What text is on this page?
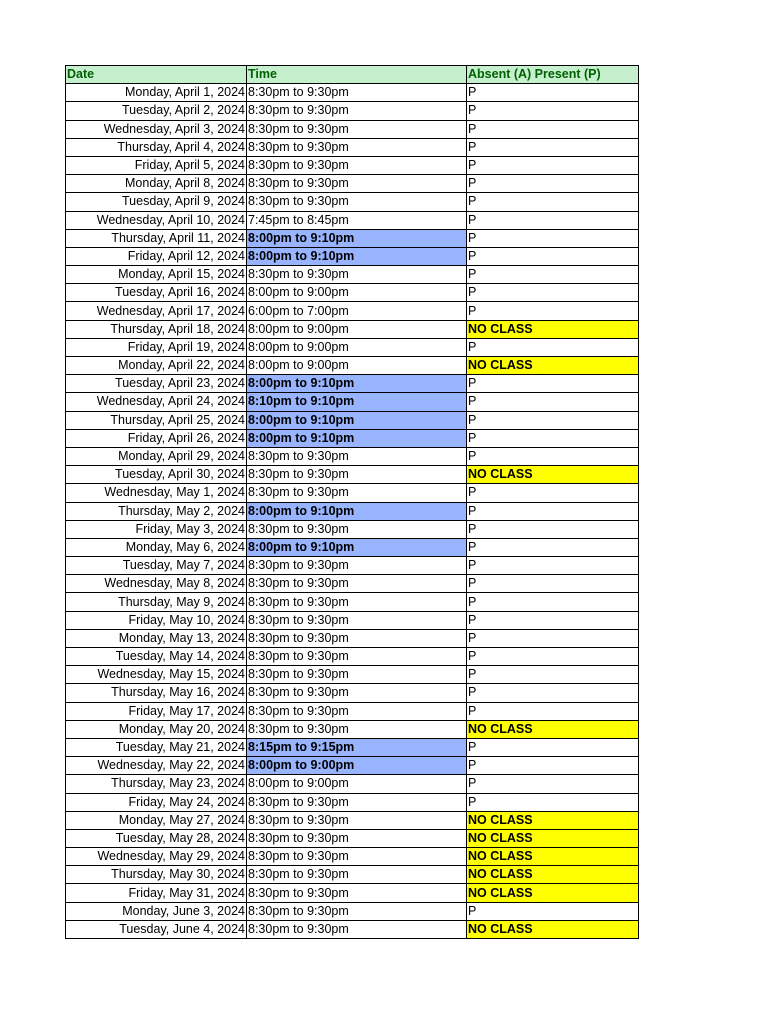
Date	Time	Absent (A) Present (P)
Monday, April 1, 2024	8:30pm to 9:30pm	P
Tuesday, April 2, 2024	8:30pm to 9:30pm	P
Wednesday, April 3, 2024	8:30pm to 9:30pm	P
Thursday, April 4, 2024	8:30pm to 9:30pm	P
Friday, April 5, 2024	8:30pm to 9:30pm	P
Monday, April 8, 2024	8:30pm to 9:30pm	P
Tuesday, April 9, 2024	8:30pm to 9:30pm	P
Wednesday, April 10, 2024	7:45pm to 8:45pm	P
Thursday, April 11, 2024	8:00pm to 9:10pm	P
Friday, April 12, 2024	8:00pm to 9:10pm	P
Monday, April 15, 2024	8:30pm to 9:30pm	P
Tuesday, April 16, 2024	8:00pm to 9:00pm	P
Wednesday, April 17, 2024	6:00pm to 7:00pm	P
Thursday, April 18, 2024	8:00pm to 9:00pm	NO CLASS
Friday, April 19, 2024	8:00pm to 9:00pm	P
Monday, April 22, 2024	8:00pm to 9:00pm	NO CLASS
Tuesday, April 23, 2024	8:00pm to 9:10pm	P
Wednesday, April 24, 2024	8:10pm to 9:10pm	P
Thursday, April 25, 2024	8:00pm to 9:10pm	P
Friday, April 26, 2024	8:00pm to 9:10pm	P
Monday, April 29, 2024	8:30pm to 9:30pm	P
Tuesday, April 30, 2024	8:30pm to 9:30pm	NO CLASS
Wednesday, May 1, 2024	8:30pm to 9:30pm	P
Thursday, May 2, 2024	8:00pm to 9:10pm	P
Friday, May 3, 2024	8:30pm to 9:30pm	P
Monday, May 6, 2024	8:00pm to 9:10pm	P
Tuesday, May 7, 2024	8:30pm to 9:30pm	P
Wednesday, May 8, 2024	8:30pm to 9:30pm	P
Thursday, May 9, 2024	8:30pm to 9:30pm	P
Friday, May 10, 2024	8:30pm to 9:30pm	P
Monday, May 13, 2024	8:30pm to 9:30pm	P
Tuesday, May 14, 2024	8:30pm to 9:30pm	P
Wednesday, May 15, 2024	8:30pm to 9:30pm	P
Thursday, May 16, 2024	8:30pm to 9:30pm	P
Friday, May 17, 2024	8:30pm to 9:30pm	P
Monday, May 20, 2024	8:30pm to 9:30pm	NO CLASS
Tuesday, May 21, 2024	8:15pm to 9:15pm	P
Wednesday, May 22, 2024	8:00pm to 9:00pm	P
Thursday, May 23, 2024	8:00pm to 9:00pm	P
Friday, May 24, 2024	8:30pm to 9:30pm	P
Monday, May 27, 2024	8:30pm to 9:30pm	NO CLASS
Tuesday, May 28, 2024	8:30pm to 9:30pm	NO CLASS
Wednesday, May 29, 2024	8:30pm to 9:30pm	NO CLASS
Thursday, May 30, 2024	8:30pm to 9:30pm	NO CLASS
Friday, May 31, 2024	8:30pm to 9:30pm	NO CLASS
Monday, June 3, 2024	8:30pm to 9:30pm	P
Tuesday, June 4, 2024	8:30pm to 9:30pm	NO CLASS
